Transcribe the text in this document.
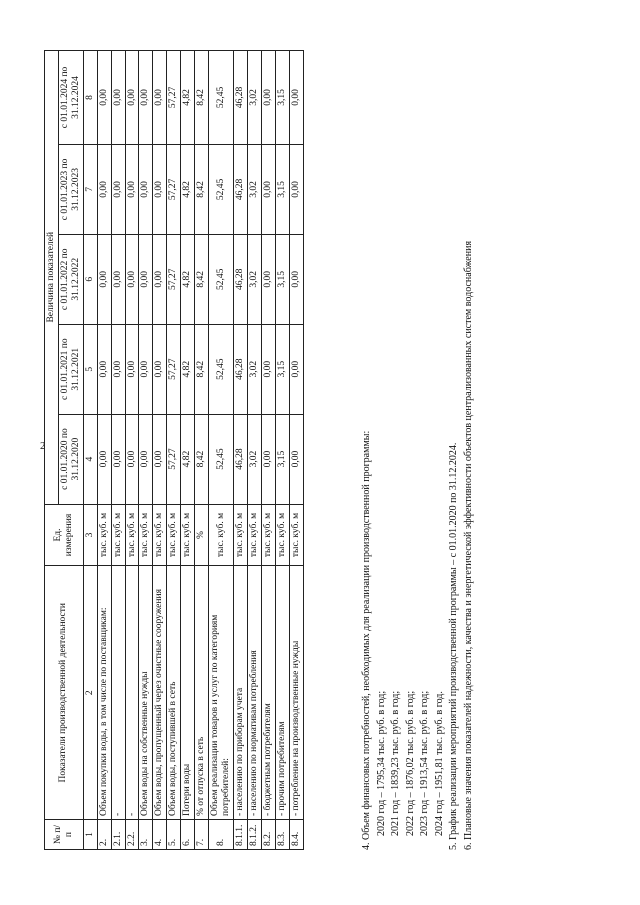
2
№ п/п	Показатели производственной деятельности	Ед. измерения	Величина показателей				
			с 01.01.2020 по 31.12.2020	с 01.01.2021 по 31.12.2021	с 01.01.2022 по 31.12.2022	с 01.01.2023 по 31.12.2023	с 01.01.2024 по 31.12.2024
1	2	3	4	5	6	7	8
2.	Объем покупки воды, в том числе по поставщикам:	тыс. куб. м	0,00	0,00	0,00	0,00	0,00
2.1.	-	тыс. куб. м	0,00	0,00	0,00	0,00	0,00
2.2.	-	тыс. куб. м	0,00	0,00	0,00	0,00	0,00
3.	Объем воды на собственные нужды	тыс. куб. м	0,00	0,00	0,00	0,00	0,00
4.	Объем воды, пропущенный через очистные сооружения	тыс. куб. м	0,00	0,00	0,00	0,00	0,00
5.	Объем воды, поступившей в сеть	тыс. куб. м	57,27	57,27	57,27	57,27	57,27
6.	Потери воды	тыс. куб. м	4,82	4,82	4,82	4,82	4,82
7.	% от отпуска в сеть	%	8,42	8,42	8,42	8,42	8,42
8.	Объем реализации товаров и услуг по категориям потребителей:	тыс. куб. м	52,45	52,45	52,45	52,45	52,45
8.1.1.	- населению по приборам учета	тыс. куб. м	46,28	46,28	46,28	46,28	46,28
8.1.2.	- населению по нормативам потребления	тыс. куб. м	3,02	3,02	3,02	3,02	3,02
8.2.	- бюджетным потребителям	тыс. куб. м	0,00	0,00	0,00	0,00	0,00
8.3.	- прочим потребителям	тыс. куб. м	3,15	3,15	3,15	3,15	3,15
8.4.	- потребление на производственные нужды	тыс. куб. м	0,00	0,00	0,00	0,00	0,00

4. Объем финансовых потребностей, необходимых для реализации производственной программы: 2020 год – 1795,34 тыс. руб. в год; 2021 год – 1839,23 тыс. руб. в год; 2022 год – 1876,02 тыс. руб. в год; 2023 год – 1913,54 тыс. руб. в год; 2024 год – 1951,81 тыс. руб. в год. 5. График реализации мероприятий производственной программы – с 01.01.2020 по 31.12.2024. 6. Плановые значения показателей надежности, качества и энергетической эффективности объектов централизованных систем водоснабжения
